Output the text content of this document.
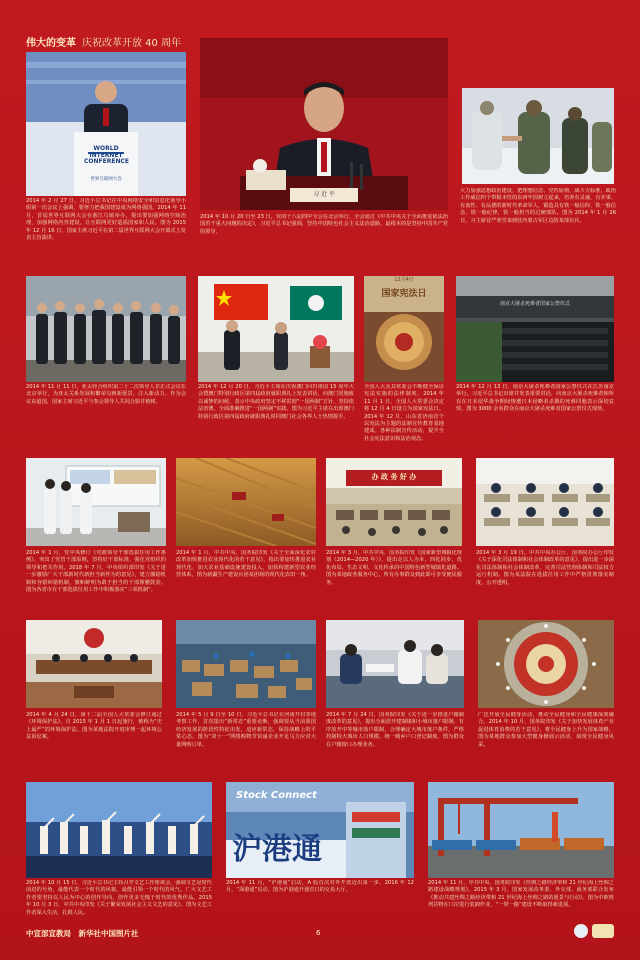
伟大的变革 庆祝改革开放 40 周年
WORLD INTERNET CONFERENCE
世界互联网大会
2014 年 2 月 27 日，习近平总书记在中央网络安全和信息化领导小组第一次会议上强调，要努力把我国建设成为网络强国。2014 年 11 月，首届世界互联网大会在浙江乌镇举办，提出要加强网络空间治理，加强网络内容建设，让互联网更好造福国家和人民。图为 2015 年 12 月 16 日，国家主席习近平在第二届世界互联网大会开幕式上发表主旨演讲。
习 近 平
2014 年 10 月 20 日至 23 日，党的十八届四中全会在北京举行，全会通过《中共中央关于全面推进依法治国若干重大问题的决定》，习近平总书记强调，坚持中国特色社会主义法治道路，最根本的是坚持中国共产党的领导。
大力加强思想政治建设，把理想信念、党性原则、战斗力标准、政治工作威信四个带根本性的东西牢固树立起来，培养有灵魂、有本事、有血性、有品德的新时代革命军人，锻造具有铁一般信仰、铁一般信念、铁一般纪律、铁一般担当的过硬部队。图为 2014 年 1 月 26 日，习主席冒严寒雪来到驻内蒙古军区边防某部官兵。
2014 年 11 月 11 日，亚太经合组织第二十二次领导人非正式会议在北京举行，为亚太关系发展和繁荣勾画新愿景，注入新动力。作为会议东道国，国家主席习近平与参会领导人共同合影并植树。
2014 年 12 月 20 日，习近平主席在庆祝澳门回归祖国 15 周年大会暨澳门特别行政区第四届政府就职典礼上发表讲话，向澳门同胞致以诚挚的问候，表示中央政府坚定不移贯彻“一国两制”方针，坚持依法治澳，全面准确推进“一国两制”实践。图为习近平主席在出席澳门特别行政区第四届政府就职典礼时同澳门社会各界人士热情握手。
国家宪法日
12月4日
全国人大及其常委会不断健全保证宪法实施的法律制度。2014 年 11 月 1 日，全国人大常委会决定将 12 月 4 日设立为国家宪法日。2014 年 12 月，山东省济南首个以宪法为主题的法制宣传教育基地建成。各种法制宣传活动，提升全社会宪法意识和法治观念。
南京大屠杀死难者国家公祭仪式
2014 年 12 月 13 日，南京大屠杀死难者国家公祭仪式在江苏南京举行。习近平总书记出席并发表重要讲话，向南京大屠杀死难者和所有在日本侵华战争期间惨遭日本侵略者杀戮的死难同胞表示深切哀悼。图为 3000 余名群众在南京大屠杀死难者国家公祭仪式现场。
2014 年 1 月，党中央修订《党政领导干部选拔任用工作条例》，突出了党管干部原则，坚持好干部标准，强化党组织的领导和把关作用。2018 年 7 月，中央组织部印发《关于进一步激励广大干部新时代新担当新作为的意见》，建立激励机制和容错纠错机制，旗帜鲜明为敢于担当的干部撑腰鼓劲。图为各省市在干部选拔任用工作中积极落实“三项机制”。
2014 年 1 月，中共中央、国务院印发《关于全面深化农村改革加快推进农业现代化的若干意见》，指出要加快推进农业现代化，加大农业基础设施建设投入，加快构建新型农业经营体系。图为新疆生产建设兵团某团场的现代化农田一角。
办 政 务 好 办
2014 年 3 月，中共中央、国务院印发《国家新型城镇化规划（2014—2020 年）》，提出走以人为本、四化同步、优化布局、生态文明、文化传承的中国特色新型城镇化道路。图为某地政务服务中心，所有办事群众到此即可享受便民服务。
2014 年 3 月 19 日，中共中央办公厅、国务院办公厅印发《关于深化司法体制和社会体制改革的意见》，提出进一步深化司法体制和社会体制改革，完善司法管理体制和司法权力运行机制。图为某法院在选拔任用工作中严格贯彻落实制度，公开透明。
2014 年 4 月 24 日，第十二届全国人大常委会修订通过《环境保护法》，自 2015 年 1 月 1 日起施行，被称为“史上最严”的环境保护法。图为某地法院开庭审理一起环境公益诉讼案。
2014 年 5 月 9 日至 10 日，习近平总书记在河南开封等地考察工作，首次提出“新常态”重要论断，强调要从当前我国经济发展的阶段性特征出发，适应新常态，保持战略上的平常心态。图为“双十一”网络购物节快递企业开足马力应对大量网购订单。
2014 年 7 月 24 日，国务院印发《关于进一步推进户籍制度改革的意见》，提出全面放开建制镇和小城市落户限制，有序放开中等城市落户限制，合理确定大城市落户条件，严格控制特大城市人口规模，统一城乡户口登记制度。图为群众在户籍窗口办理业务。
广泛开展全民健身活动，推动全民健身和全民健康深度融合。2014 年 10 月，国务院印发《关于加快发展体育产业促进体育消费的若干意见》，将全民健身上升为国家战略。图为某地群众参加大型健身操展示活动，展现全民健身风采。
2014 年 10 月 15 日，习近平总书记主持召开文艺工作座谈会，强调文艺是时代前进的号角，最能代表一个时代的风貌，最能引领一个时代的风气。广大文艺工作者要坚持以人民为中心的创作导向，创作更多无愧于时代的优秀作品。2015 年 10 月 3 日，中共中央印发《关于繁荣发展社会主义文艺的意见》。图为文艺工作者深入生活，扎根人民。
Stock Connect
沪港通
2014 年 11 月，“沪港通”启动，A 股首次对外开放迈出第一步。2016 年 12 月，“深港通”启动。图为沪港通开通首日的交易大厅。
2014 年 11 月，中共中央、国务院印发《丝绸之路经济带和 21 世纪海上丝绸之路建设战略规划》。2015 年 3 月，国家发展改革委、外交部、商务部联合发布《推动共建丝绸之路经济带和 21 世纪海上丝绸之路的愿景与行动》。图为中欧班列货物在口岸进行装卸作业，“一带一路”建设不断取得新进展。
中宣部宣教局　新华社中国图片社	6
